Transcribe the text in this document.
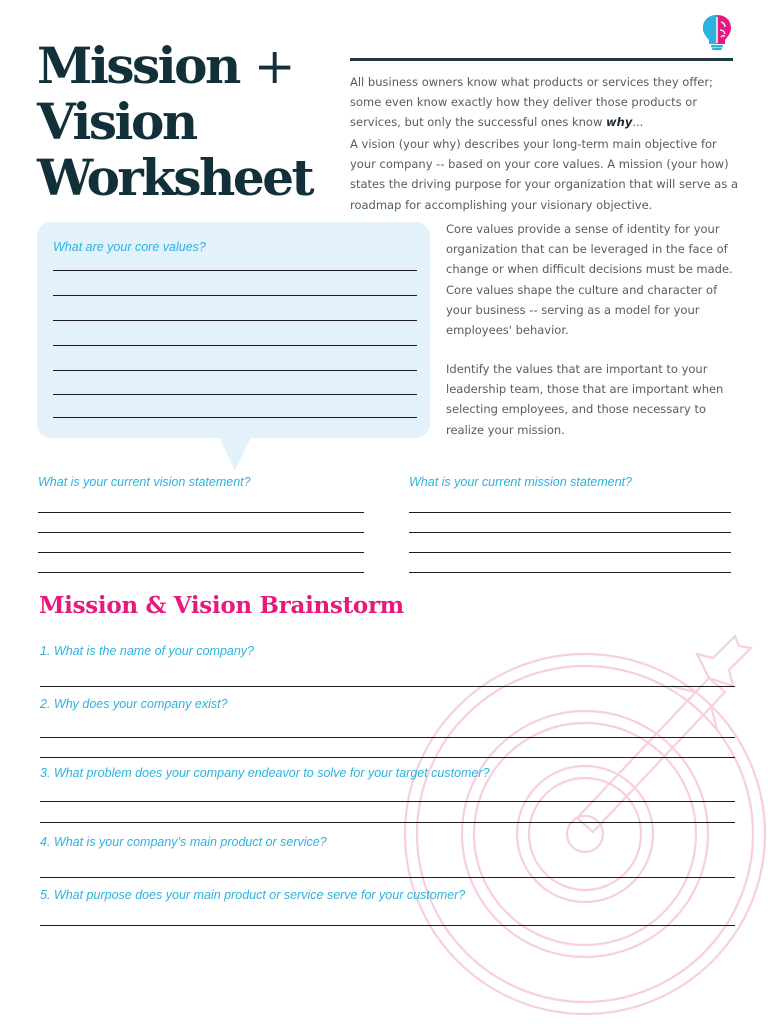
Mission +
Vision
Worksheet

All business owners know what products or services they offer; some even know exactly how they deliver those products or services, but only the successful ones know why...

A vision (your why) describes your long-term main objective for your company -- based on your core values. A mission (your how) states the driving purpose for your organization that will serve as a roadmap for accomplishing your visionary objective.

What are your core values?

Core values provide a sense of identity for your organization that can be leveraged in the face of change or when difficult decisions must be made. Core values shape the culture and character of your business -- serving as a model for your employees' behavior.

Identify the values that are important to your leadership team, those that are important when selecting employees, and those necessary to realize your mission.

What is your current vision statement?	What is your current mission statement?
Mission & Vision Brainstorm
1. What is the name of your company?
2. Why does your company exist?
3. What problem does your company endeavor to solve for your target customer?
4. What is your company’s main product or service?
5. What purpose does your main product or service serve for your customer?
